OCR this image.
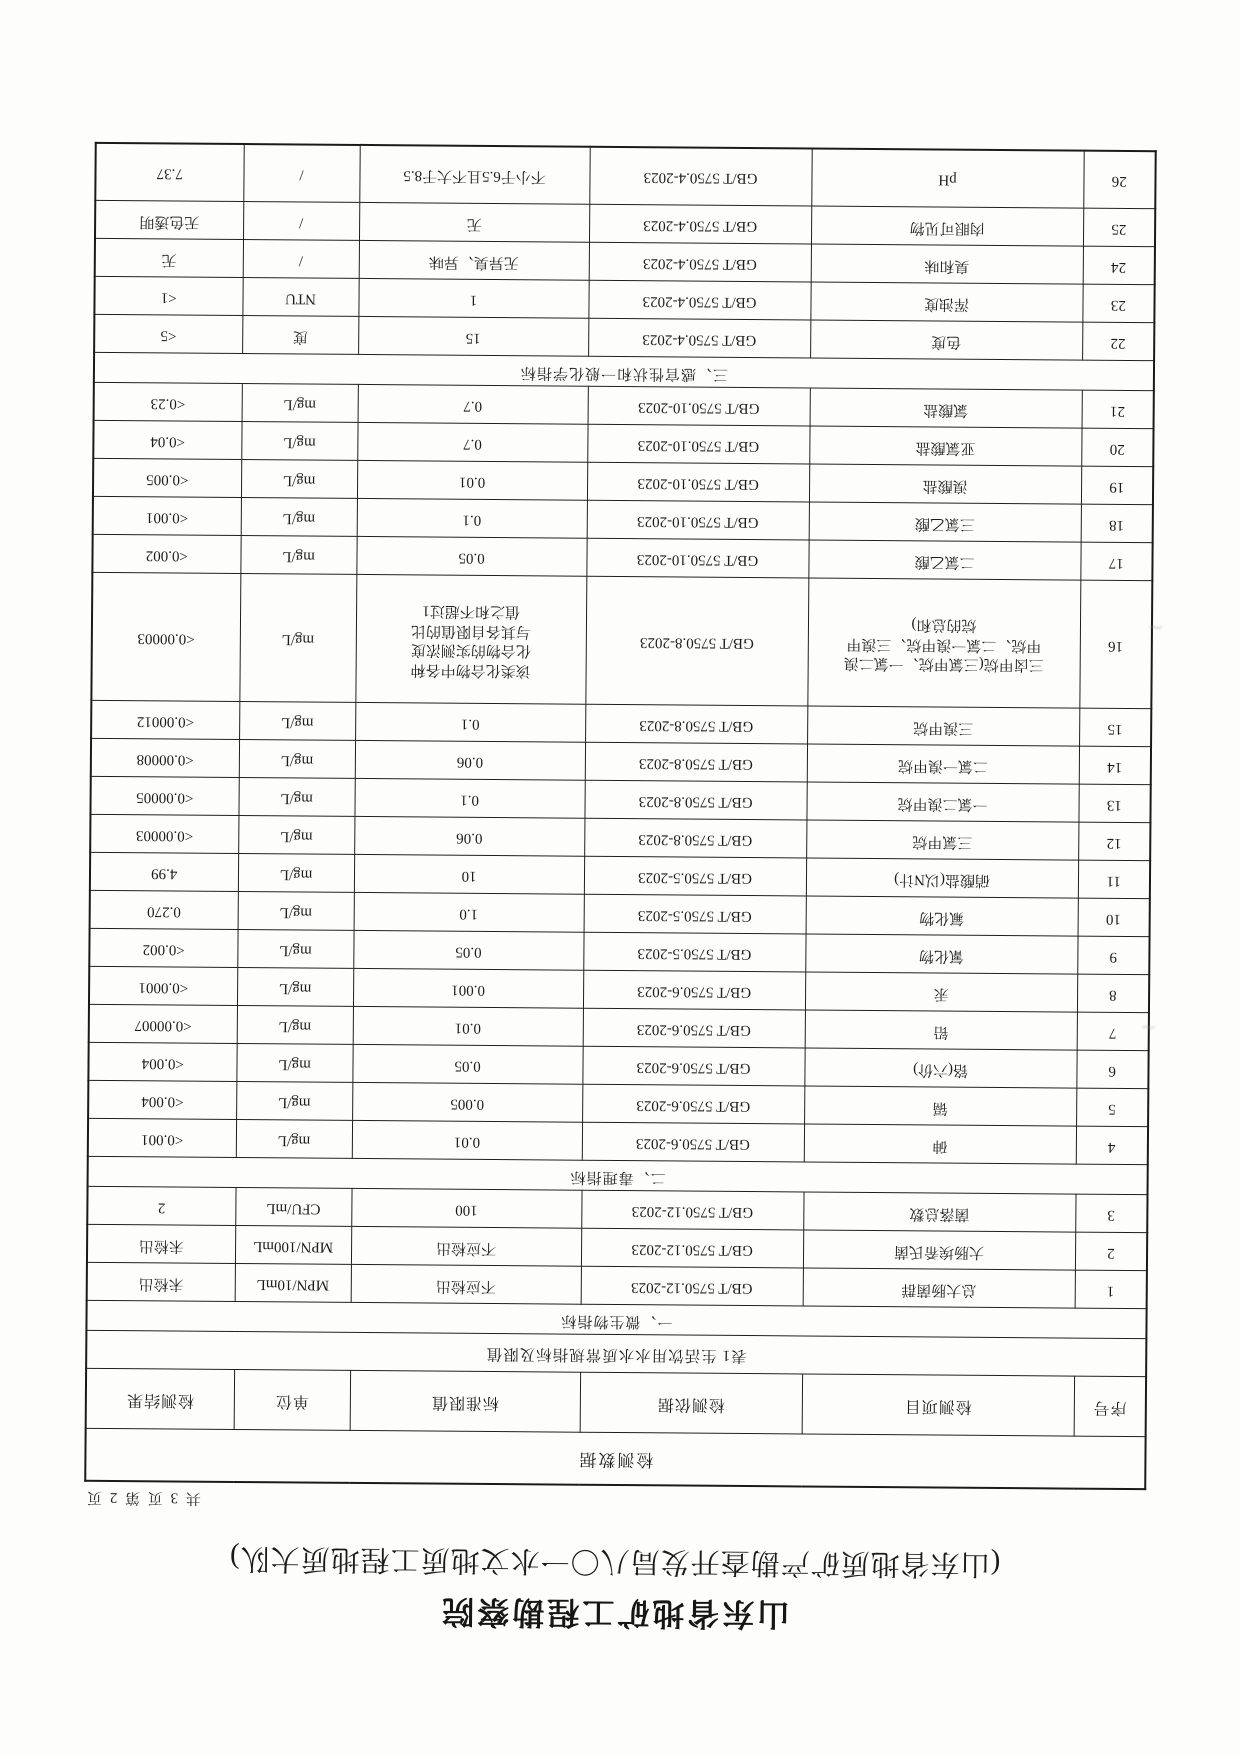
山东省地矿工程勘察院
(山东省地质矿产勘查开发局八〇一水文地质工程地质大队)
共 3 页 第 2 页
检测数据					
序号	检测项目	检测依据	标准限值	单位	检测结果
表1 生活饮用水水质常规指标及限值					
一、微生物指标					
1	总大肠菌群	GB/T 5750.12-2023	不应检出	MPN/10mL	未检出
2	大肠埃希氏菌	GB/T 5750.12-2023	不应检出	MPN/100mL	未检出
3	菌落总数	GB/T 5750.12-2023	100	CFU/mL	2
二、毒理指标					
4	砷	GB/T 5750.6-2023	0.01	mg/L	<0.001
5	镉	GB/T 5750.6-2023	0.005	mg/L	<0.004
6	铬(六价)	GB/T 5750.6-2023	0.05	mg/L	<0.004
7	铅	GB/T 5750.6-2023	0.01	mg/L	<0.00007
8	汞	GB/T 5750.6-2023	0.001	mg/L	<0.0001
9	氰化物	GB/T 5750.5-2023	0.05	mg/L	<0.002
10	氟化物	GB/T 5750.5-2023	1.0	mg/L	0.270
11	硝酸盐(以N计)	GB/T 5750.5-2023	10	mg/L	4.99
12	三氯甲烷	GB/T 5750.8-2023	0.06	mg/L	<0.00003
13	一氯二溴甲烷	GB/T 5750.8-2023	0.1	mg/L	<0.00005
14	二氯一溴甲烷	GB/T 5750.8-2023	0.06	mg/L	<0.00008
15	三溴甲烷	GB/T 5750.8-2023	0.1	mg/L	<0.00012
16	三卤甲烷(三氯甲烷、一氯二溴甲烷、二氯一溴甲烷、三溴甲烷的总和)	GB/T 5750.8-2023	该类化合物中各种化合物的实测浓度与其各自限值的比值之和不超过1	mg/L	<0.00003
17	二氯乙酸	GB/T 5750.10-2023	0.05	mg/L	<0.002
18	三氯乙酸	GB/T 5750.10-2023	0.1	mg/L	<0.001
19	溴酸盐	GB/T 5750.10-2023	0.01	mg/L	<0.005
20	亚氯酸盐	GB/T 5750.10-2023	0.7	mg/L	<0.04
21	氯酸盐	GB/T 5750.10-2023	0.7	mg/L	<0.23
三、感官性状和一般化学指标					
22	色度	GB/T 5750.4-2023	15	度	<5
23	浑浊度	GB/T 5750.4-2023	1	NTU	<1
24	臭和味	GB/T 5750.4-2023	无异臭、异味	/	无
25	肉眼可见物	GB/T 5750.4-2023	无	/	无色透明
26	pH	GB/T 5750.4-2023	不小于6.5且不大于8.5	/	7.37
∼
∼
